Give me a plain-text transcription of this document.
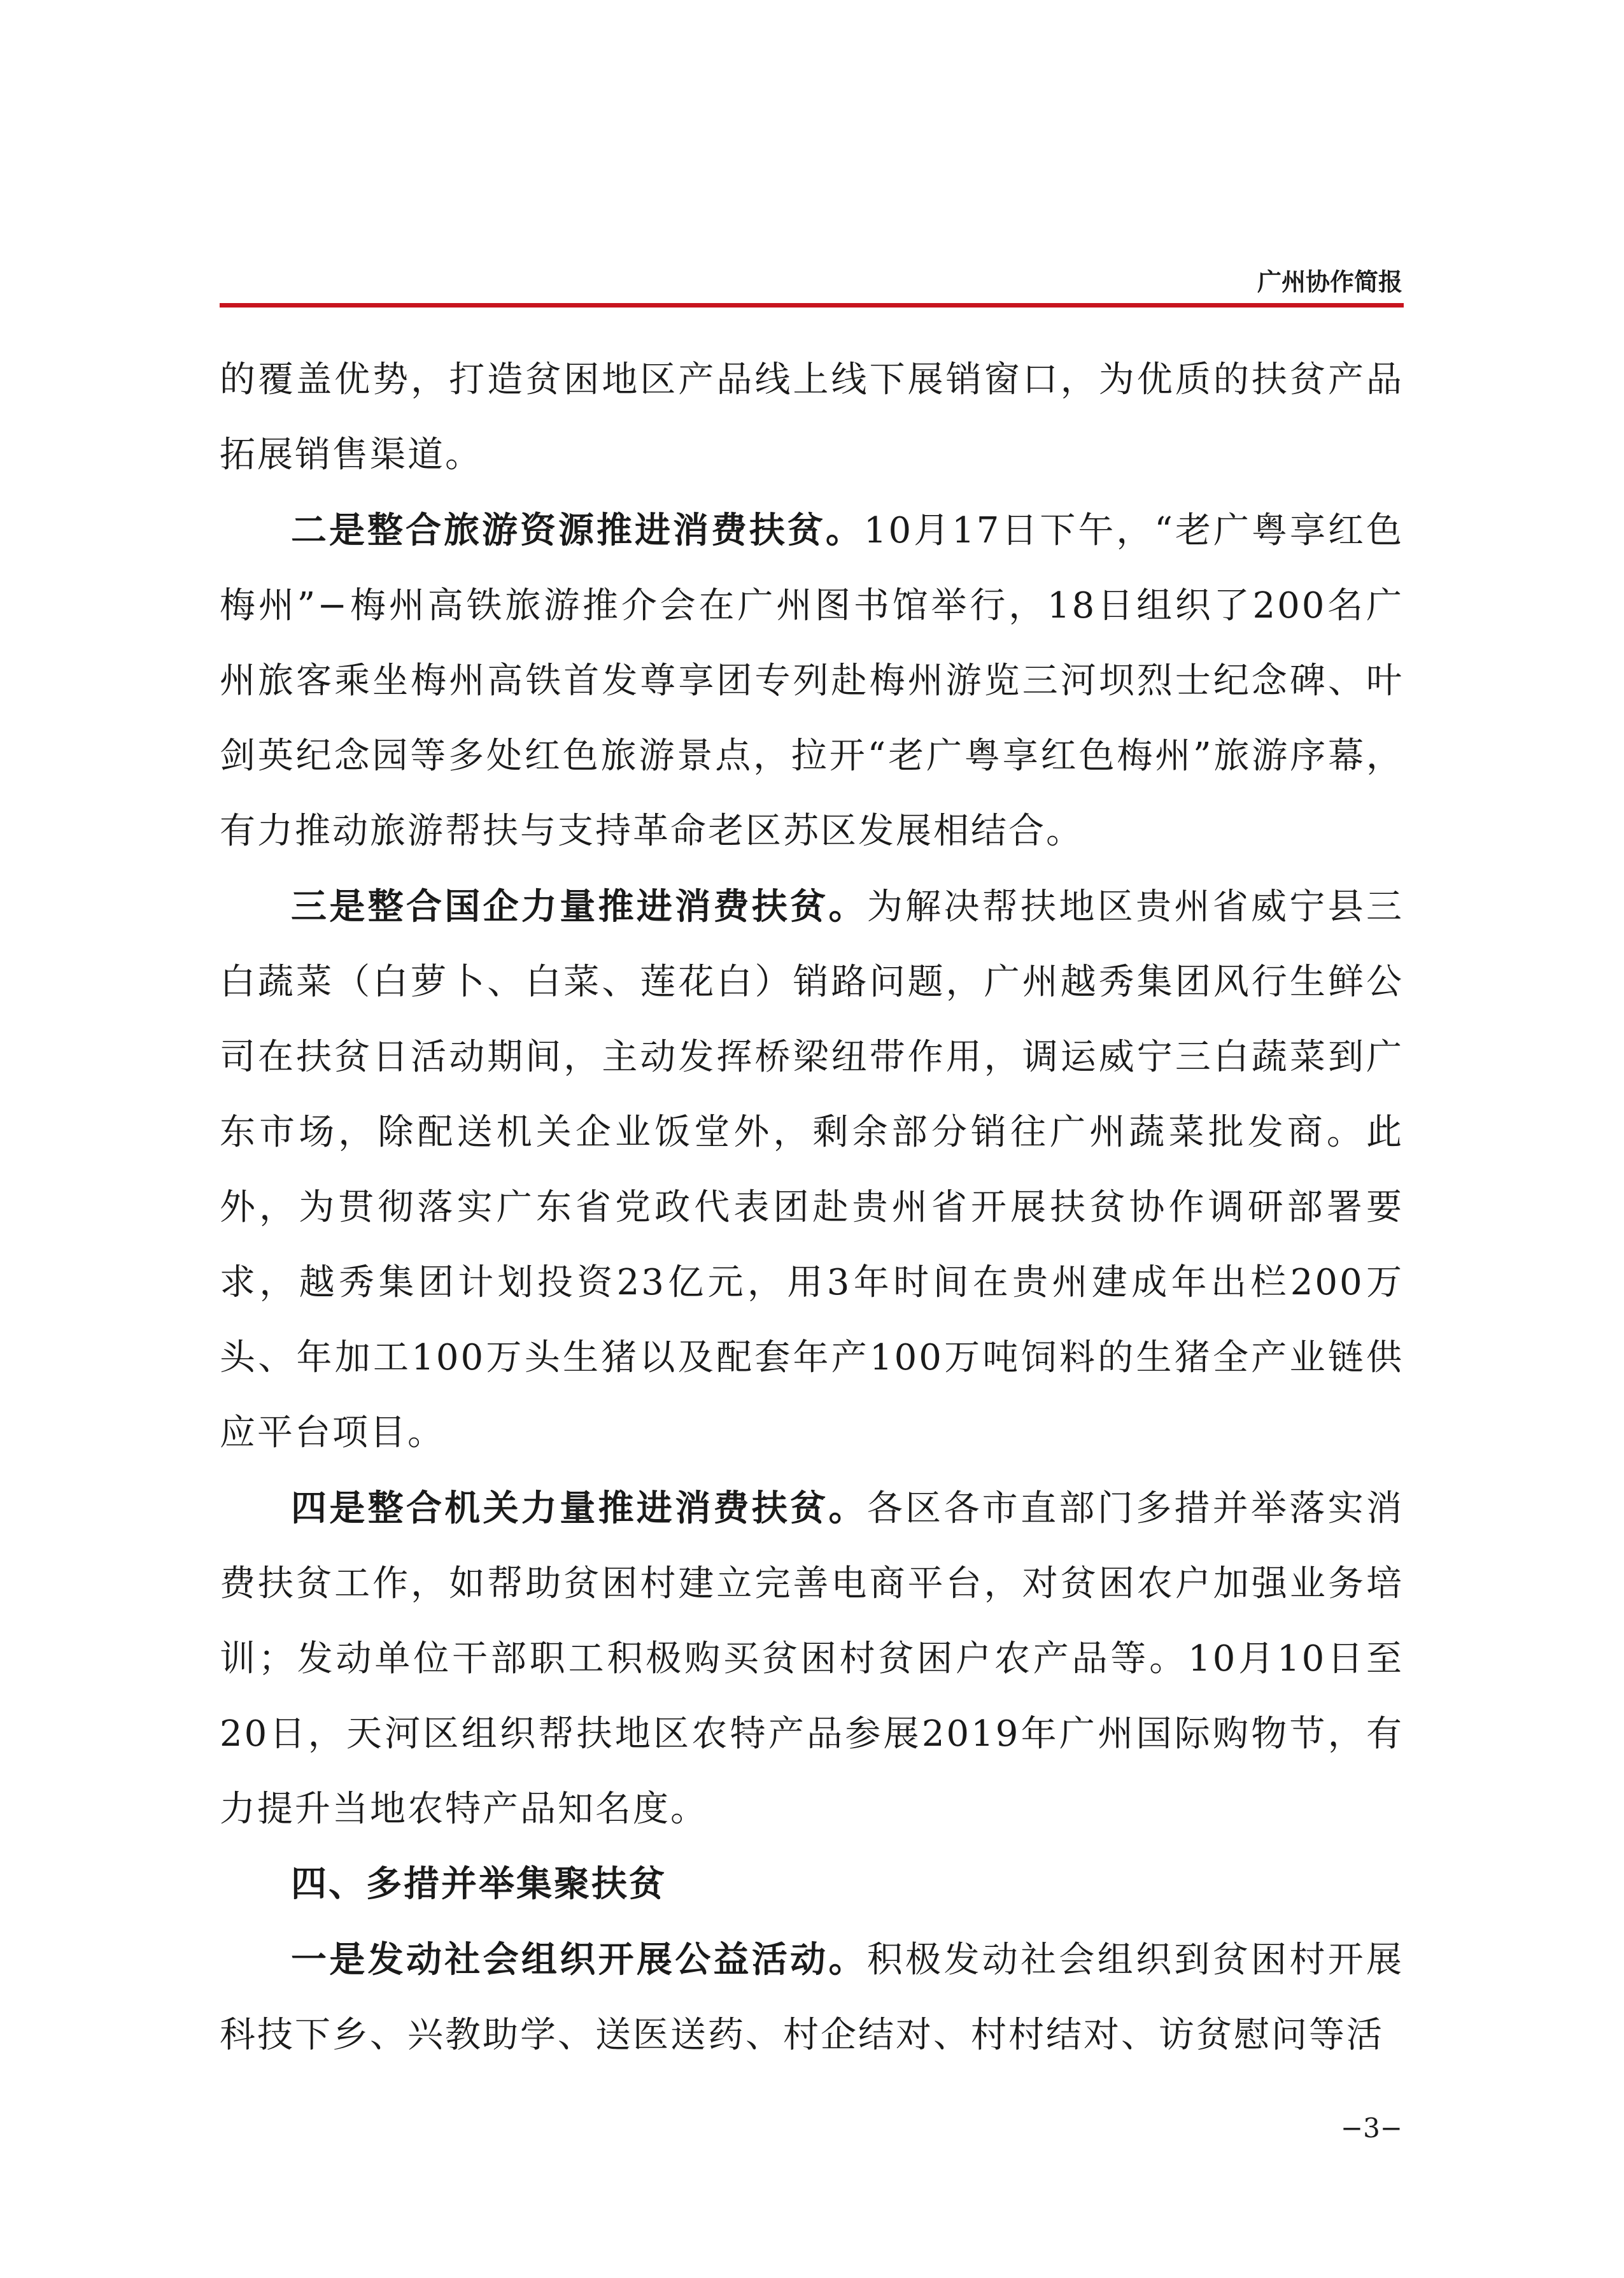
广州协作简报

的覆盖优势，打造贫困地区产品线上线下展销窗口，为优质的扶贫产品拓展销售渠道。

二是整合旅游资源推进消费扶贫。10月17日下午，“老广粤享红色梅州”−梅州高铁旅游推介会在广州图书馆举行，18日组织了200名广州旅客乘坐梅州高铁首发尊享团专列赴梅州游览三河坝烈士纪念碑、叶剑英纪念园等多处红色旅游景点，拉开“老广粤享红色梅州”旅游序幕，有力推动旅游帮扶与支持革命老区苏区发展相结合。

三是整合国企力量推进消费扶贫。为解决帮扶地区贵州省威宁县三白蔬菜（白萝卜、白菜、莲花白）销路问题，广州越秀集团风行生鲜公司在扶贫日活动期间，主动发挥桥梁纽带作用，调运威宁三白蔬菜到广东市场，除配送机关企业饭堂外，剩余部分销往广州蔬菜批发商。此外，为贯彻落实广东省党政代表团赴贵州省开展扶贫协作调研部署要求，越秀集团计划投资23亿元，用3年时间在贵州建成年出栏200万头、年加工100万头生猪以及配套年产100万吨饲料的生猪全产业链供应平台项目。

四是整合机关力量推进消费扶贫。各区各市直部门多措并举落实消费扶贫工作，如帮助贫困村建立完善电商平台，对贫困农户加强业务培训；发动单位干部职工积极购买贫困村贫困户农产品等。10月10日至20日，天河区组织帮扶地区农特产品参展2019年广州国际购物节，有力提升当地农特产品知名度。

四、多措并举集聚扶贫

一是发动社会组织开展公益活动。积极发动社会组织到贫困村开展科技下乡、兴教助学、送医送药、村企结对、村村结对、访贫慰问等活

−3−
